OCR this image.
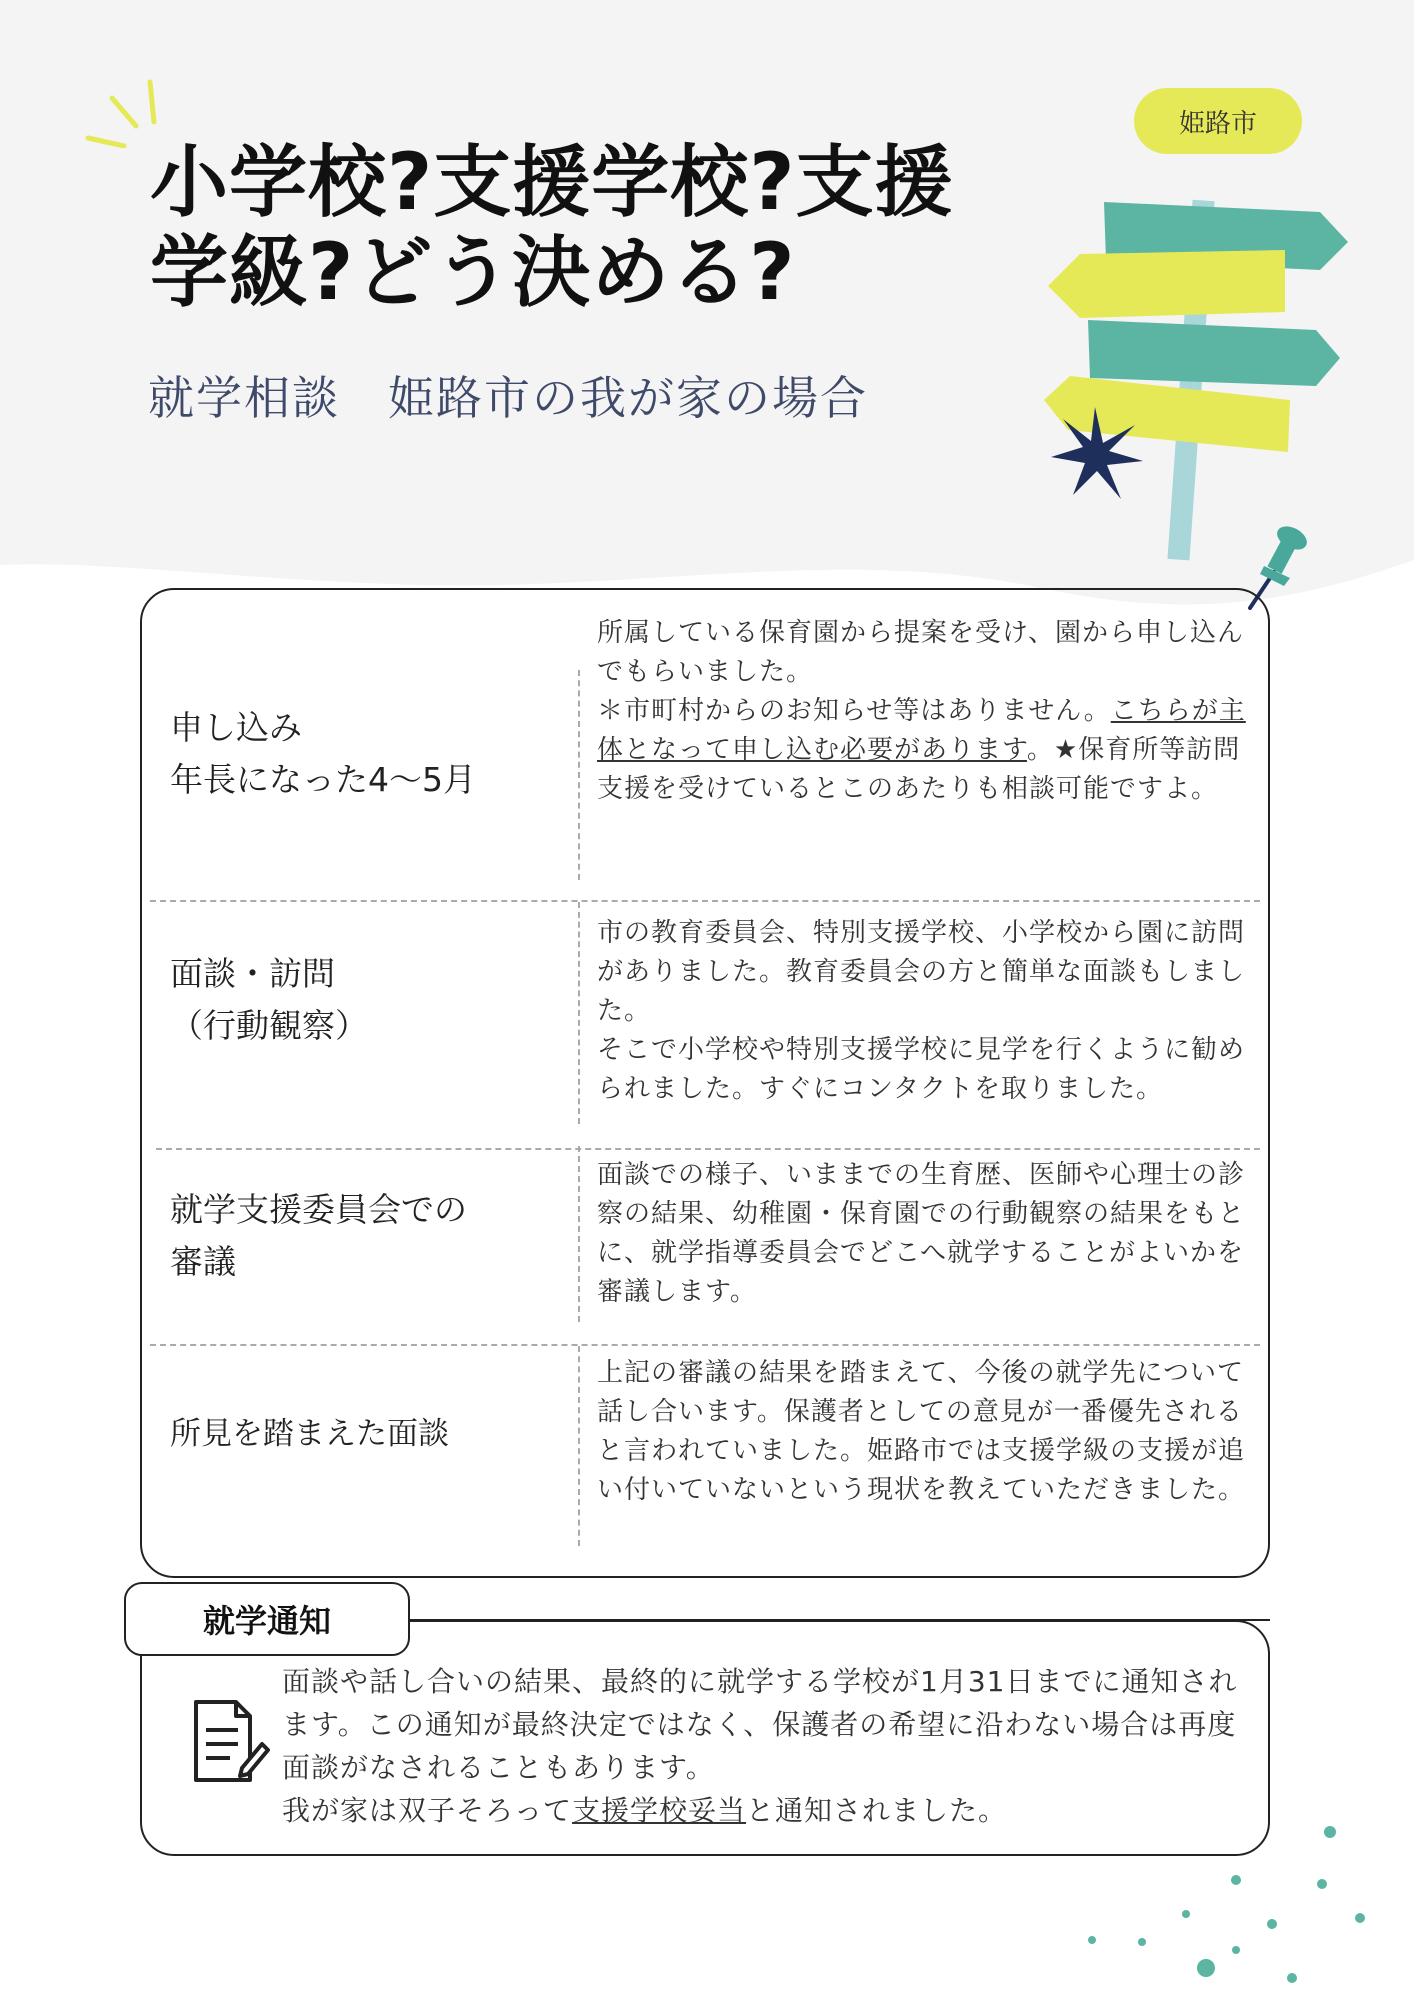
姫路市
小学校?支援学校?支援
学級?どう決める?
就学相談　姫路市の我が家の場合
申し込み
年長になった4〜5月

所属している保育園から提案を受け、園から申し込んでもらいました。

＊市町村からのお知らせ等はありません。こちらが主体となって申し込む必要があります。★保育所等訪問支援を受けているとこのあたりも相談可能ですよ。

面談・訪問
（行動観察）

市の教育委員会、特別支援学校、小学校から園に訪問がありました。教育委員会の方と簡単な面談もしました。

そこで小学校や特別支援学校に見学を行くように勧められました。すぐにコンタクトを取りました。

就学支援委員会での
審議

面談での様子、いままでの生育歴、医師や心理士の診察の結果、幼稚園・保育園での行動観察の結果をもとに、就学指導委員会でどこへ就学することがよいかを審議します。

所見を踏まえた面談

上記の審議の結果を踏まえて、今後の就学先について話し合います。保護者としての意見が一番優先されると言われていました。姫路市では支援学級の支援が追い付いていないという現状を教えていただきました。

就学通知

面談や話し合いの結果、最終的に就学する学校が1月31日までに通知されます。この通知が最終決定ではなく、保護者の希望に沿わない場合は再度面談がなされることもあります。

我が家は双子そろって支援学校妥当と通知されました。
